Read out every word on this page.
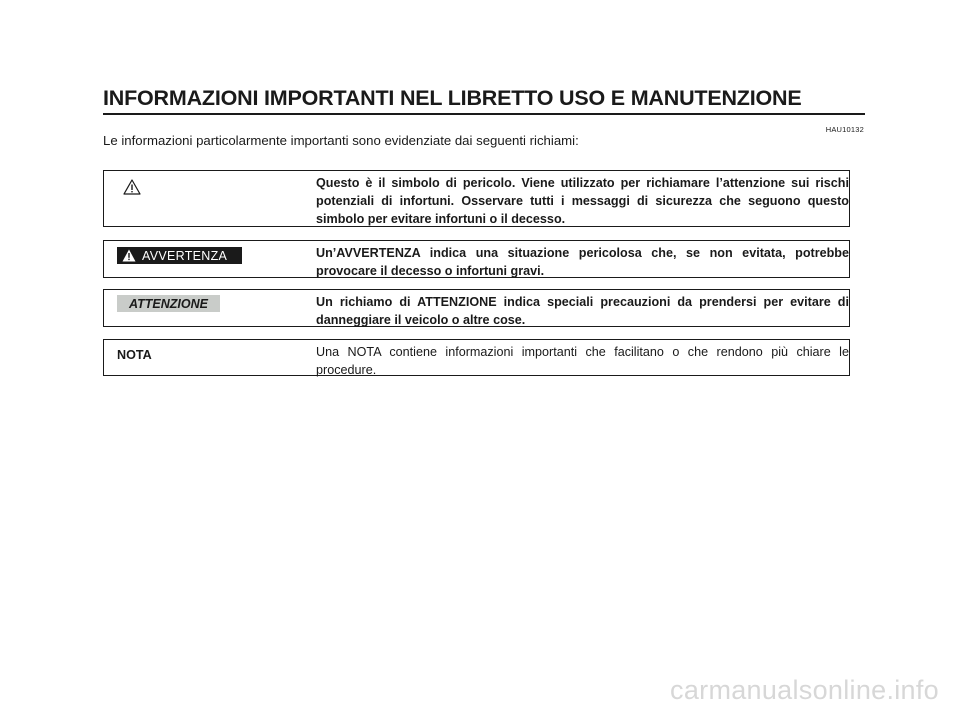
INFORMAZIONI IMPORTANTI NEL LIBRETTO USO E MANUTENZIONE
HAU10132

Le informazioni particolarmente importanti sono evidenziate dai seguenti richiami:

Questo è il simbolo di pericolo. Viene utilizzato per richiamare l’attenzione sui rischi potenziali di infortuni. Osservare tutti i messaggi di sicurezza che seguono questo simbolo per evitare infortuni o il decesso.

AVVERTENZA	Un’AVVERTENZA indica una situazione pericolosa che, se non evitata, potrebbe provocare il decesso o infortuni gravi.

ATTENZIONE	Un richiamo di ATTENZIONE indica speciali precauzioni da prendersi per evitare di danneggiare il veicolo o altre cose.

NOTA	Una NOTA contiene informazioni importanti che facilitano o che rendono più chiare le procedure.

carmanualsonline.info
